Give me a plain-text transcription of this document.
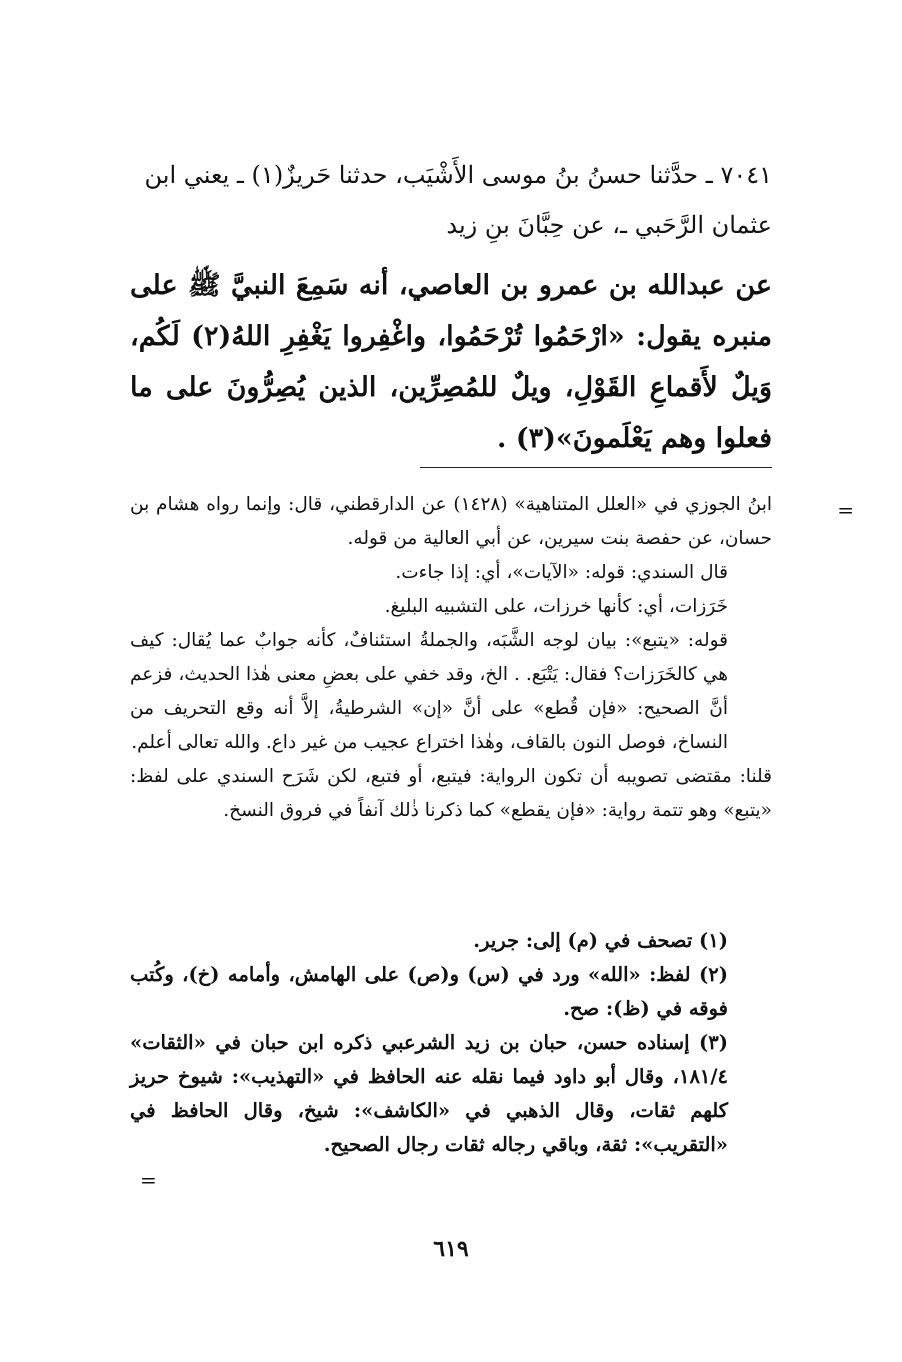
٧٠٤١ ـ حدَّثنا حسنُ بنُ موسى الأَشْيَب، حدثنا حَريزٌ(١) ـ يعني ابن عثمان الرَّحَبي ـ، عن حِبَّانَ بنِ زيد
عن عبدالله بن عمرو بن العاصي، أنه سَمِعَ النبيَّ ﷺ على منبره يقول: «ارْحَمُوا تُرْحَمُوا، واغْفِروا يَغْفِرِ اللهُ(٢) لَكُم، وَيلٌ لأَقماعِ القَوْلِ، ويلٌ للمُصِرِّين، الذين يُصِرُّونَ على ما فعلوا وهم يَعْلَمونَ»(٣) .
=

ابنُ الجوزي في «العلل المتناهية» (١٤٢٨) عن الدارقطني، قال: وإنما رواه هشام بن حسان، عن حفصة بنت سيرين، عن أبي العالية من قوله.

قال السندي: قوله: «الآيات»، أي: إذا جاءت.

خَرَزات، أي: كأنها خرزات، على التشبيه البليغ.

قوله: «يتبع»: بيان لوجه الشَّبَه، والجملةُ استئنافٌ، كأنه جوابٌ عما يُقال: كيف هي كالخَرَزات؟ فقال: يَتْبَع. . الخ، وقد خفي على بعضِ معنى هٰذا الحديث، فزعم أنَّ الصحيح: «فإن قُطع» على أنَّ «إن» الشرطيةُ، إلاَّ أنه وقع التحريف من النساخ، فوصل النون بالقاف، وهٰذا اختراع عجيب من غير داع. والله تعالى أعلم.

قلنا: مقتضى تصويبه أن تكون الرواية: فيتبع، أو فتبع، لكن شَرَح السندي على لفظ: «يتبع» وهو تتمة رواية: «فإن يقطع» كما ذكرنا ذٰلك آنفاً في فروق النسخ.

(١) تصحف في (م) إلى: جرير.

(٢) لفظ: «الله» ورد في (س) و(ص) على الهامش، وأمامه (خ)، وكُتب فوقه في (ظ): صح.

(٣) إسناده حسن، حبان بن زيد الشرعبي ذكره ابن حبان في «الثقات» ١٨١/٤، وقال أبو داود فيما نقله عنه الحافظ في «التهذيب»: شيوخ حريز كلهم ثقات، وقال الذهبي في «الكاشف»: شيخ، وقال الحافظ في «التقريب»: ثقة، وباقي رجاله ثقات رجال الصحيح.

=
٦١٩
